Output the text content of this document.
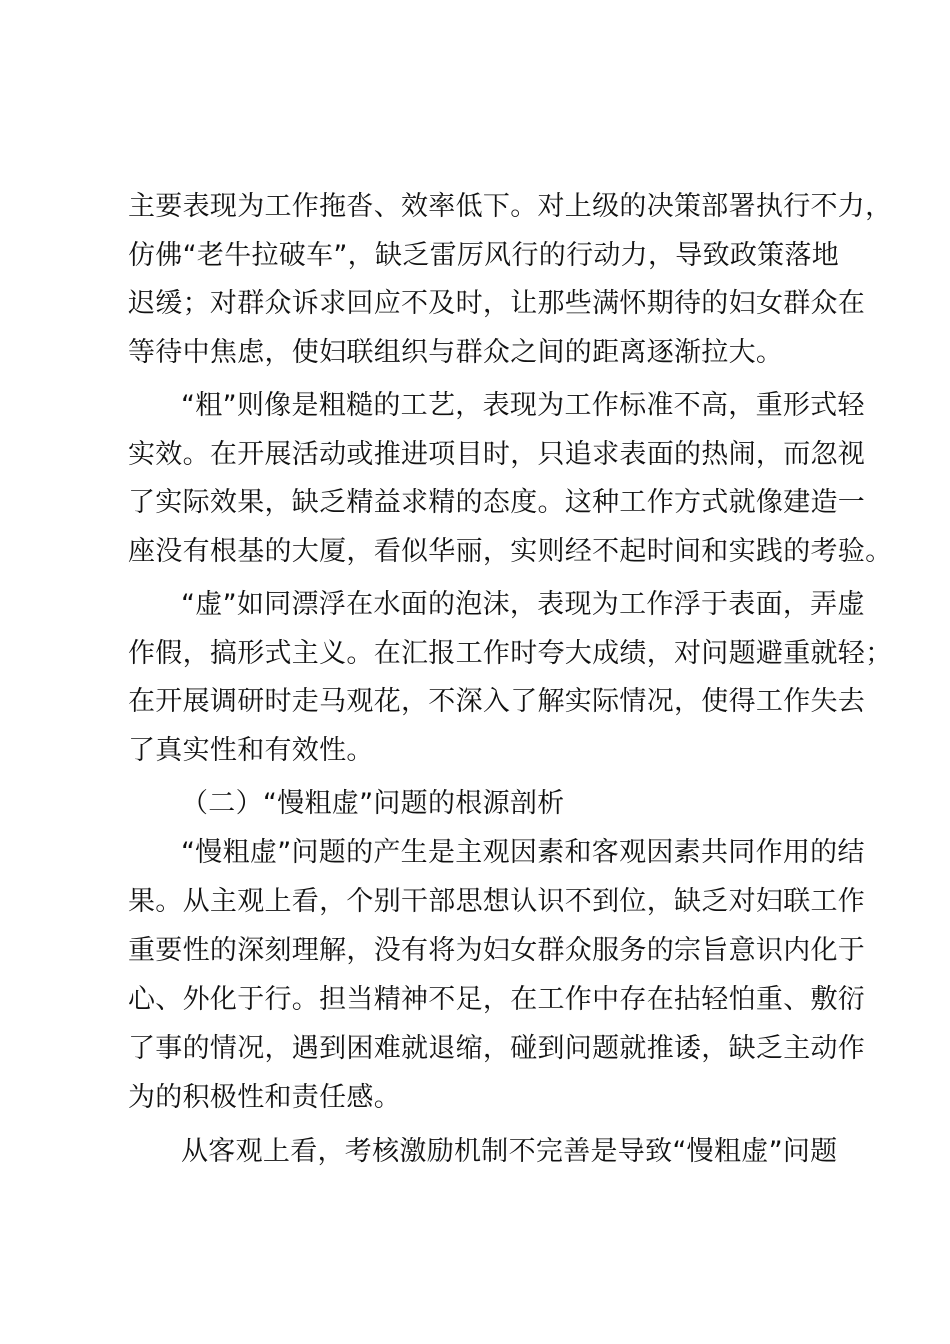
主要表现为工作拖沓、效率低下。对上级的决策部署执行不力，

仿佛“老牛拉破车”，缺乏雷厉风行的行动力，导致政策落地

迟缓；对群众诉求回应不及时，让那些满怀期待的妇女群众在

等待中焦虑，使妇联组织与群众之间的距离逐渐拉大。

“粗”则像是粗糙的工艺，表现为工作标准不高，重形式轻

实效。在开展活动或推进项目时，只追求表面的热闹，而忽视

了实际效果，缺乏精益求精的态度。这种工作方式就像建造一

座没有根基的大厦，看似华丽，实则经不起时间和实践的考验。

“虚”如同漂浮在水面的泡沫，表现为工作浮于表面，弄虚

作假，搞形式主义。在汇报工作时夸大成绩，对问题避重就轻；

在开展调研时走马观花，不深入了解实际情况，使得工作失去

了真实性和有效性。

（二）“慢粗虚”问题的根源剖析

“慢粗虚”问题的产生是主观因素和客观因素共同作用的结

果。从主观上看，个别干部思想认识不到位，缺乏对妇联工作

重要性的深刻理解，没有将为妇女群众服务的宗旨意识内化于

心、外化于行。担当精神不足，在工作中存在拈轻怕重、敷衍

了事的情况，遇到困难就退缩，碰到问题就推诿，缺乏主动作

为的积极性和责任感。

从客观上看，考核激励机制不完善是导致“慢粗虚”问题
